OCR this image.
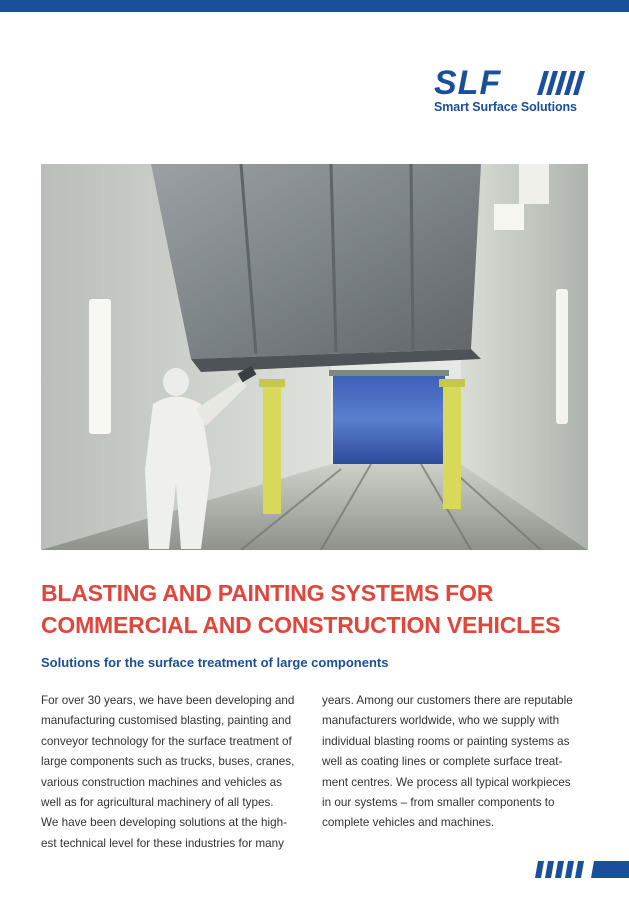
SLF
Smart Surface Solutions
BLASTING AND PAINTING SYSTEMS FOR
COMMERCIAL AND CONSTRUCTION VEHICLES
Solutions for the surface treatment of large components
For over 30 years, we have been developing and
manufacturing customised blasting, painting and
conveyor technology for the surface treatment of
large components such as trucks, buses, cranes,
various construction machines and vehicles as
well as for agricultural machinery of all types.
We have been developing solutions at the high-
est technical level for these industries for many
years. Among our customers there are reputable
manufacturers worldwide, who we supply with
individual blasting rooms or painting systems as
well as coating lines or complete surface treat-
ment centres. We process all typical workpieces
in our systems – from smaller components to
complete vehicles and machines.
